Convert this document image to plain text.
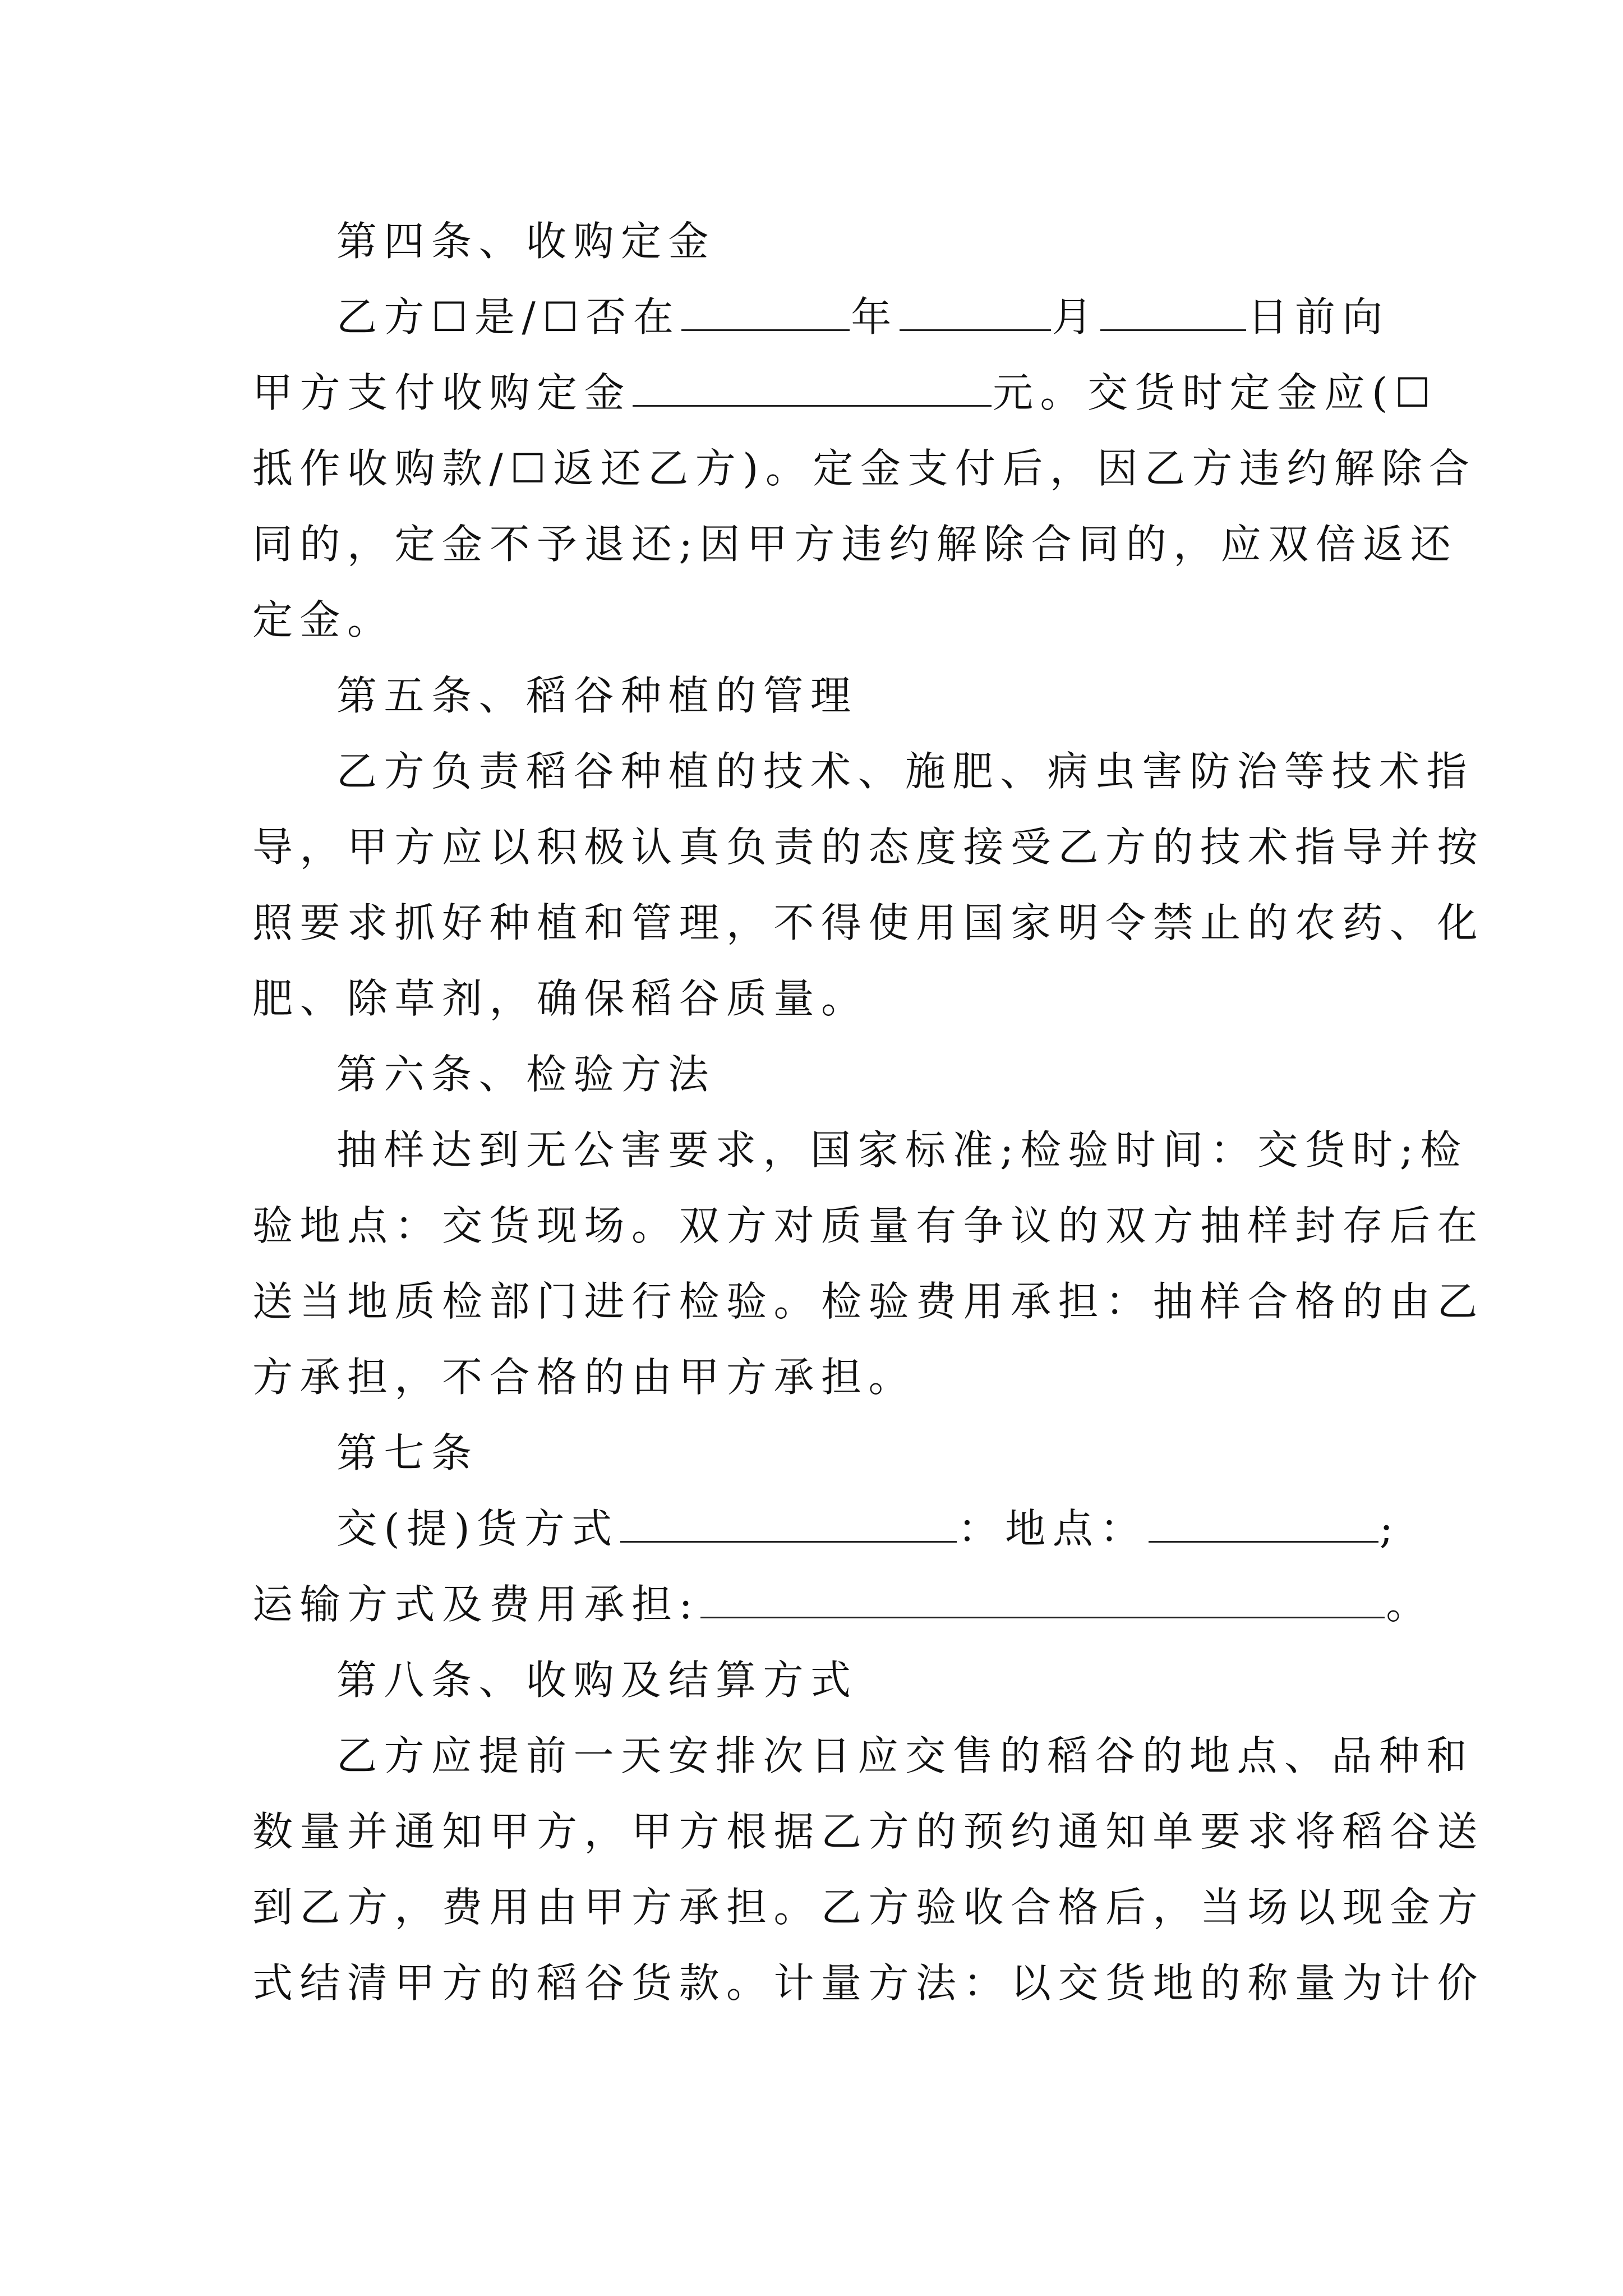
第四条、收购定金
乙方☐是/☐否在	年	月	日前向
甲方支付收购定金	元。交货时定金应(☐
抵作收购款/☐返还乙方)。定金支付后，因乙方违约解除合
同的，定金不予退还;因甲方违约解除合同的，应双倍返还
定金。
第五条、稻谷种植的管理
乙方负责稻谷种植的技术、施肥、病虫害防治等技术指
导，甲方应以积极认真负责的态度接受乙方的技术指导并按
照要求抓好种植和管理，不得使用国家明令禁止的农药、化
肥、除草剂，确保稻谷质量。
第六条、检验方法
抽样达到无公害要求，国家标准;检验时间：交货时;检
验地点：交货现场。双方对质量有争议的双方抽样封存后在
送当地质检部门进行检验。检验费用承担：抽样合格的由乙
方承担，不合格的由甲方承担。
第七条
交(提)货方式	：地点：	;
运输方式及费用承担:	。
第八条、收购及结算方式
乙方应提前一天安排次日应交售的稻谷的地点、品种和
数量并通知甲方，甲方根据乙方的预约通知单要求将稻谷送
到乙方，费用由甲方承担。乙方验收合格后，当场以现金方
式结清甲方的稻谷货款。计量方法：以交货地的称量为计价
